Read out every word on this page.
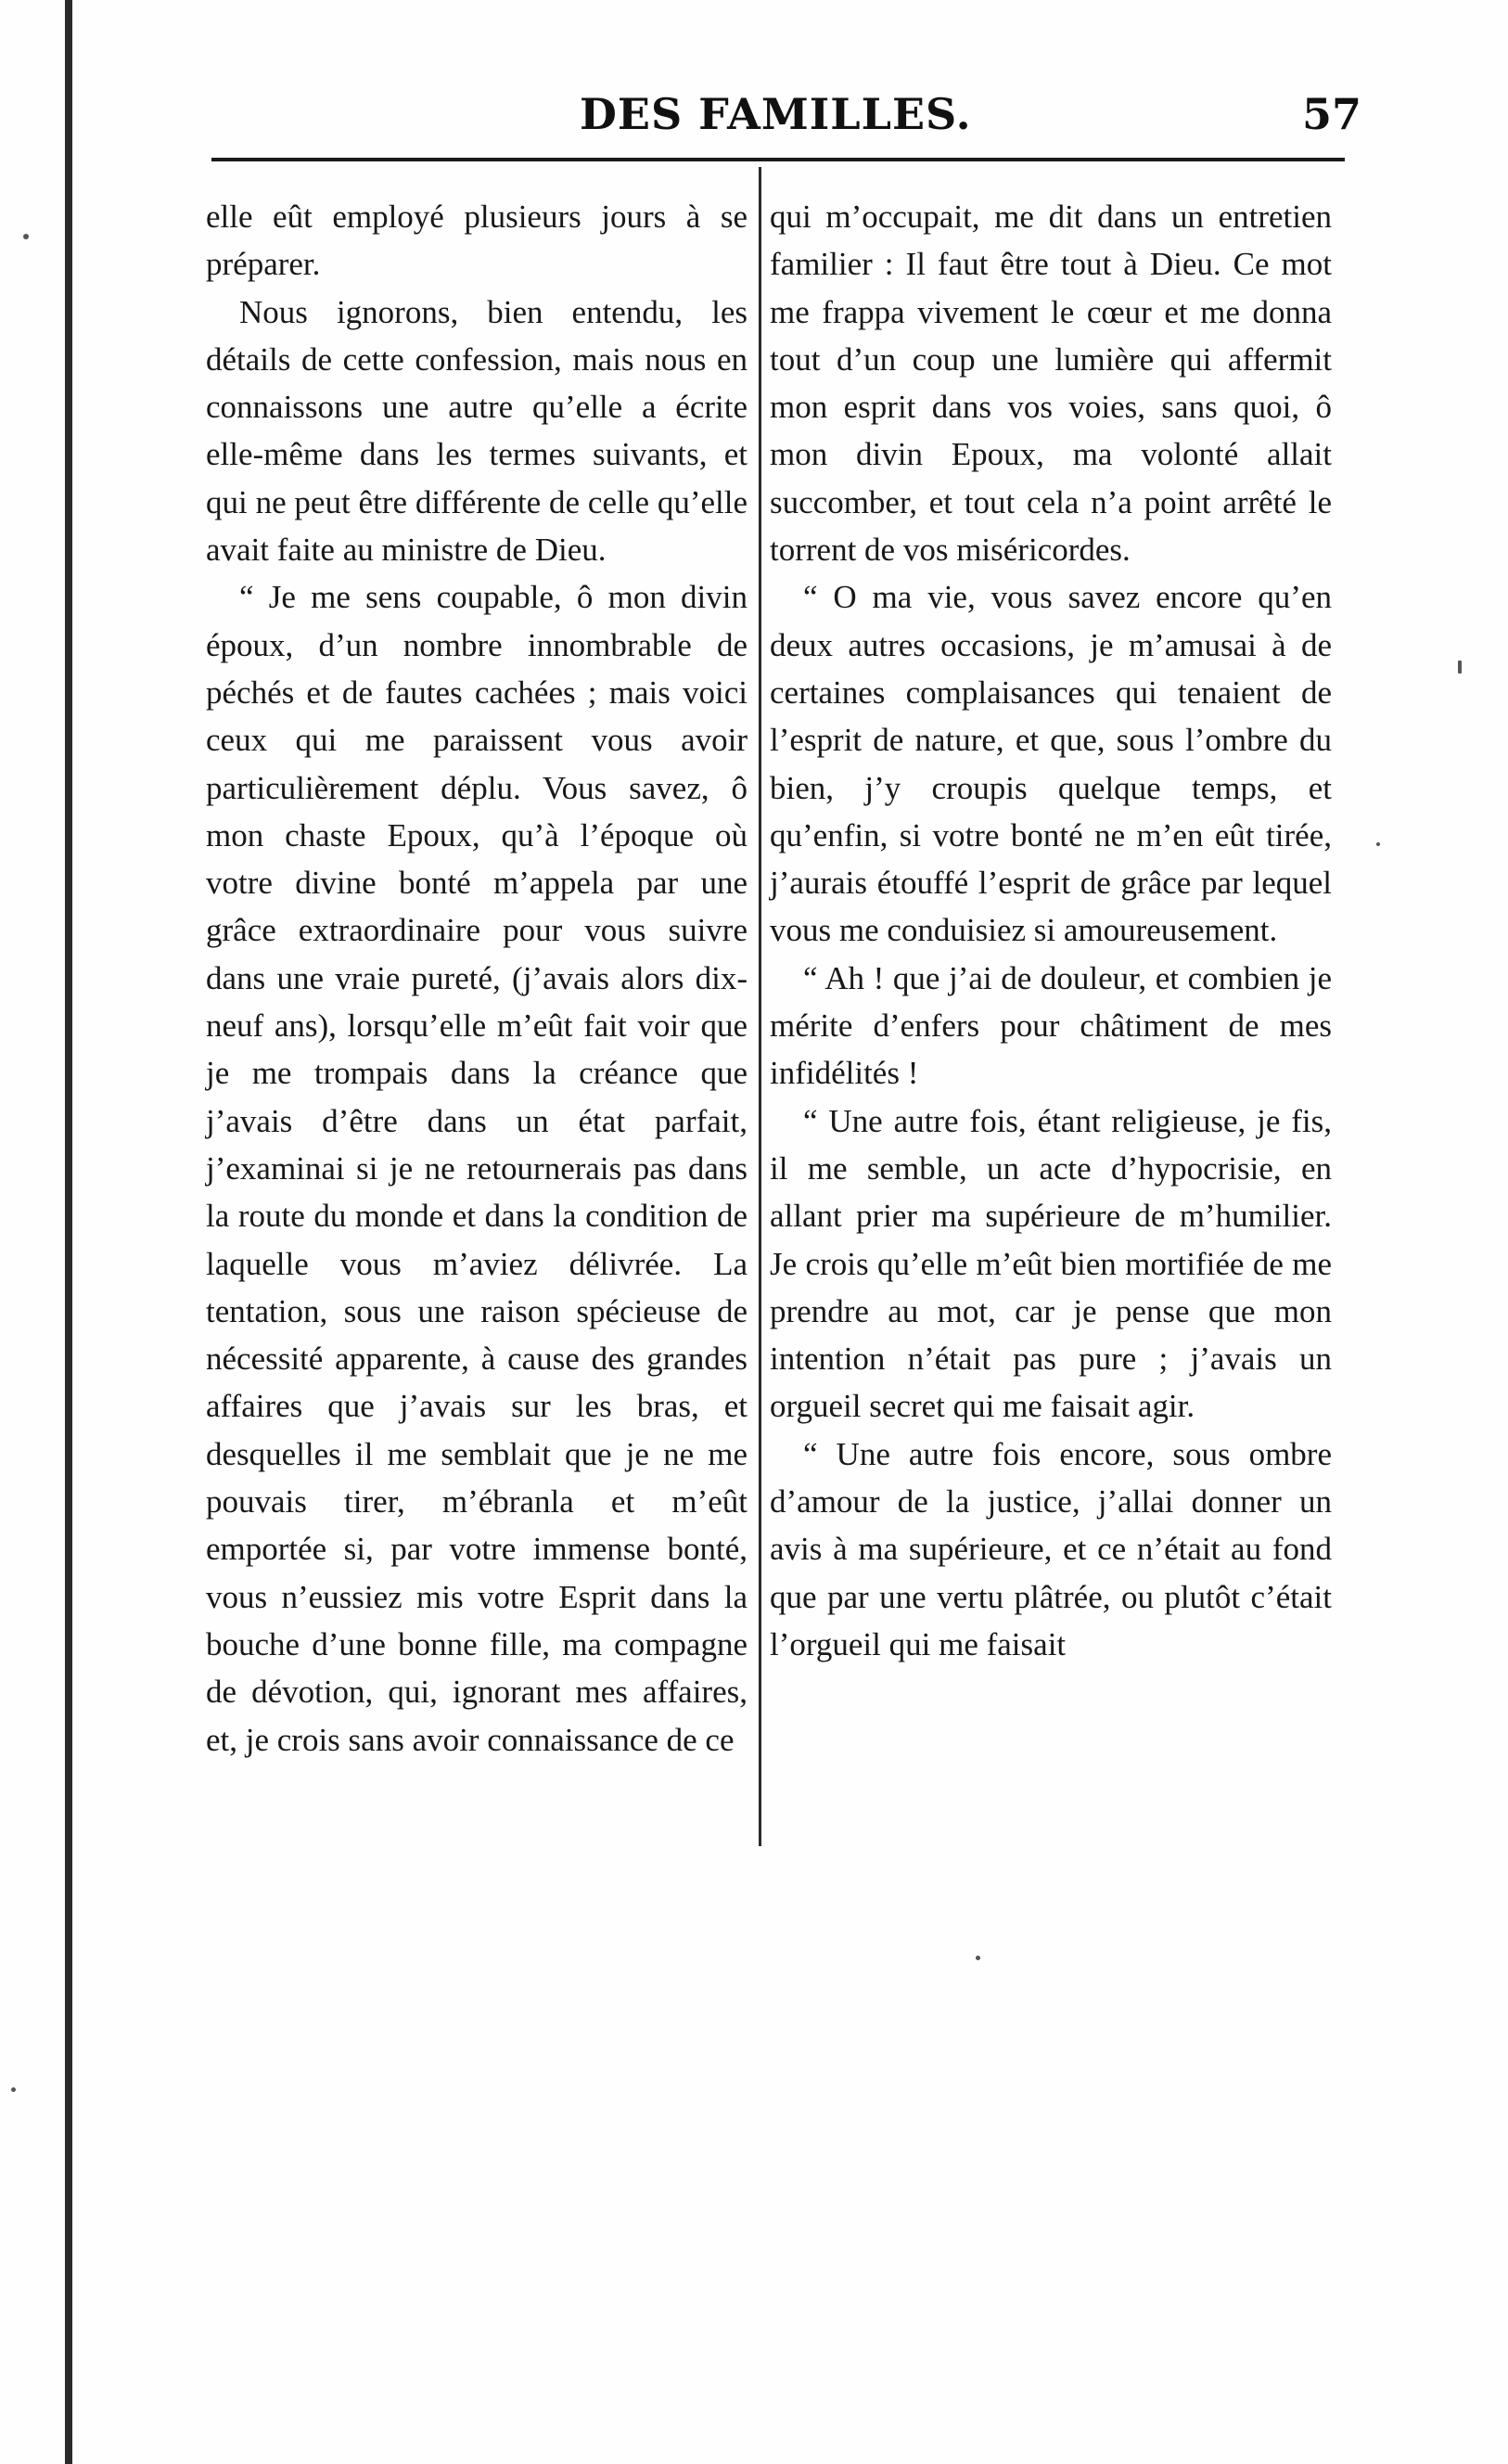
DES FAMILLES.	57

elle eût employé plusieurs jours à se préparer.

Nous ignorons, bien entendu, les détails de cette confession, mais nous en connaissons une autre qu’elle a écrite elle-même dans les termes suivants, et qui ne peut être différente de celle qu’elle avait faite au ministre de Dieu.

“ Je me sens coupable, ô mon divin époux, d’un nombre innombrable de péchés et de fautes cachées ; mais voici ceux qui me paraissent vous avoir particulièrement déplu. Vous savez, ô mon chaste Epoux, qu’à l’époque où votre divine bonté m’appela par une grâce extraordinaire pour vous suivre dans une vraie pureté, (j’avais alors dix-neuf ans), lorsqu’elle m’eût fait voir que je me trompais dans la créance que j’avais d’être dans un état parfait, j’examinai si je ne retournerais pas dans la route du monde et dans la condition de laquelle vous m’aviez délivrée. La tentation, sous une raison spécieuse de nécessité apparente, à cause des grandes affaires que j’avais sur les bras, et desquelles il me semblait que je ne me pouvais tirer, m’ébranla et m’eût emportée si, par votre immense bonté, vous n’eussiez mis votre Esprit dans la bouche d’une bonne fille, ma compagne de dévotion, qui, ignorant mes affaires, et, je crois sans avoir connaissance de ce

qui m’occupait, me dit dans un entretien familier : Il faut être tout à Dieu. Ce mot me frappa vivement le cœur et me donna tout d’un coup une lumière qui affermit mon esprit dans vos voies, sans quoi, ô mon divin Epoux, ma volonté allait succomber, et tout cela n’a point arrêté le torrent de vos miséricordes.

“ O ma vie, vous savez encore qu’en deux autres occasions, je m’amusai à de certaines complaisances qui tenaient de l’esprit de nature, et que, sous l’ombre du bien, j’y croupis quelque temps, et qu’enfin, si votre bonté ne m’en eût tirée, j’aurais étouffé l’esprit de grâce par lequel vous me conduisiez si amoureusement.

“ Ah ! que j’ai de douleur, et combien je mérite d’enfers pour châtiment de mes infidélités !

“ Une autre fois, étant religieuse, je fis, il me semble, un acte d’hypocrisie, en allant prier ma supérieure de m’humilier. Je crois qu’elle m’eût bien mortifiée de me prendre au mot, car je pense que mon intention n’était pas pure ; j’avais un orgueil secret qui me faisait agir.

“ Une autre fois encore, sous ombre d’amour de la justice, j’allai donner un avis à ma supérieure, et ce n’était au fond que par une vertu plâtrée, ou plutôt c’était l’orgueil qui me faisait
